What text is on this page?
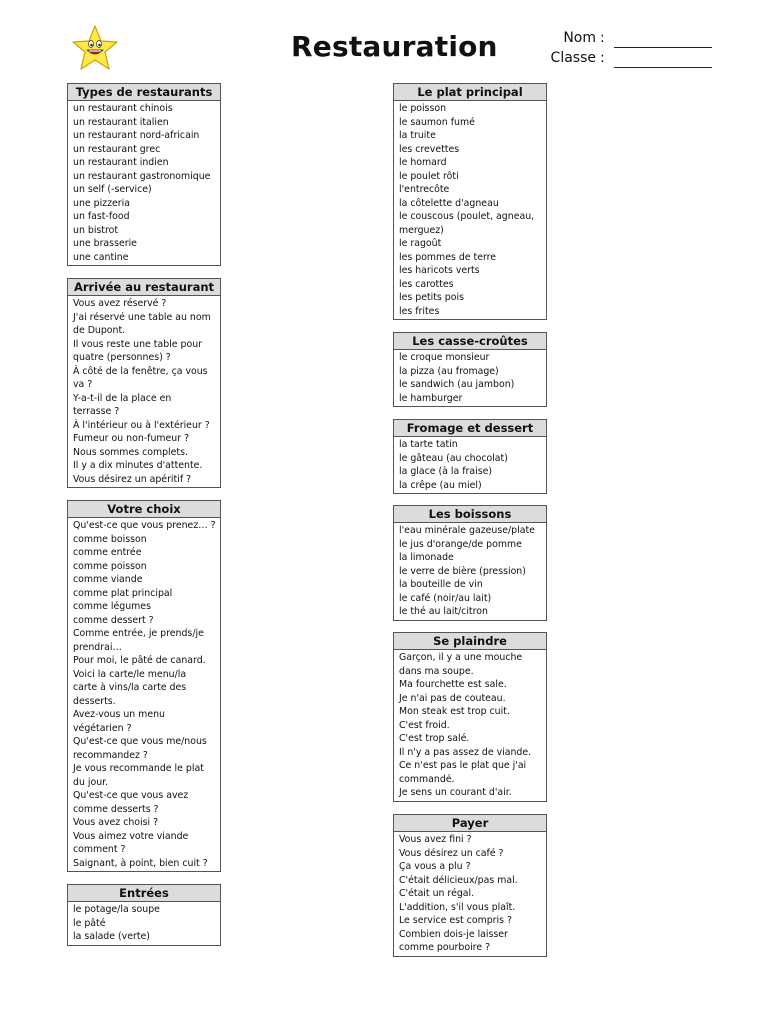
Restauration	Nom :
Classe :
Types de restaurants
un restaurant chinois
un restaurant italien
un restaurant nord-africain
un restaurant grec
un restaurant indien
un restaurant gastronomique
un self (-service)
une pizzeria
un fast-food
un bistrot
une brasserie
une cantine
Arrivée au restaurant
Vous avez réservé ?
J'ai réservé une table au nom
de Dupont.
Il vous reste une table pour
quatre (personnes) ?
À côté de la fenêtre, ça vous
va ?
Y-a-t-il de la place en
terrasse ?
À l'intérieur ou à l'extérieur ?
Fumeur ou non-fumeur ?
Nous sommes complets.
Il y a dix minutes d'attente.
Vous désirez un apéritif ?
Votre choix
Qu'est-ce que vous prenez… ?
comme boisson
comme entrée
comme poisson
comme viande
comme plat principal
comme légumes
comme dessert ?
Comme entrée, je prends/je
prendrai…
Pour moi, le pâté de canard.
Voici la carte/le menu/la
carte à vins/la carte des
desserts.
Avez-vous un menu
végétarien ?
Qu'est-ce que vous me/nous
recommandez ?
Je vous recommande le plat
du jour.
Qu'est-ce que vous avez
comme desserts ?
Vous avez choisi ?
Vous aimez votre viande
comment ?
Saignant, à point, bien cuit ?
Entrées
le potage/la soupe
le pâté
la salade (verte)
Le plat principal
le poisson
le saumon fumé
la truite
les crevettes
le homard
le poulet rôti
l'entrecôte
la côtelette d'agneau
le couscous (poulet, agneau,
merguez)
le ragoût
les pommes de terre
les haricots verts
les carottes
les petits pois
les frites
Les casse-croûtes
le croque monsieur
la pizza (au fromage)
le sandwich (au jambon)
le hamburger
Fromage et dessert
la tarte tatin
le gâteau (au chocolat)
la glace (à la fraise)
la crêpe (au miel)
Les boissons
l'eau minérale gazeuse/plate
le jus d'orange/de pomme
la limonade
le verre de bière (pression)
la bouteille de vin
le café (noir/au lait)
le thé au lait/citron
Se plaindre
Garçon, il y a une mouche
dans ma soupe.
Ma fourchette est sale.
Je n'ai pas de couteau.
Mon steak est trop cuit.
C'est froid.
C'est trop salé.
Il n'y a pas assez de viande.
Ce n'est pas le plat que j'ai
commandé.
Je sens un courant d'air.
Payer
Vous avez fini ?
Vous désirez un café ?
Ça vous a plu ?
C'était délicieux/pas mal.
C'était un régal.
L'addition, s'il vous plaît.
Le service est compris ?
Combien dois-je laisser
comme pourboire ?
